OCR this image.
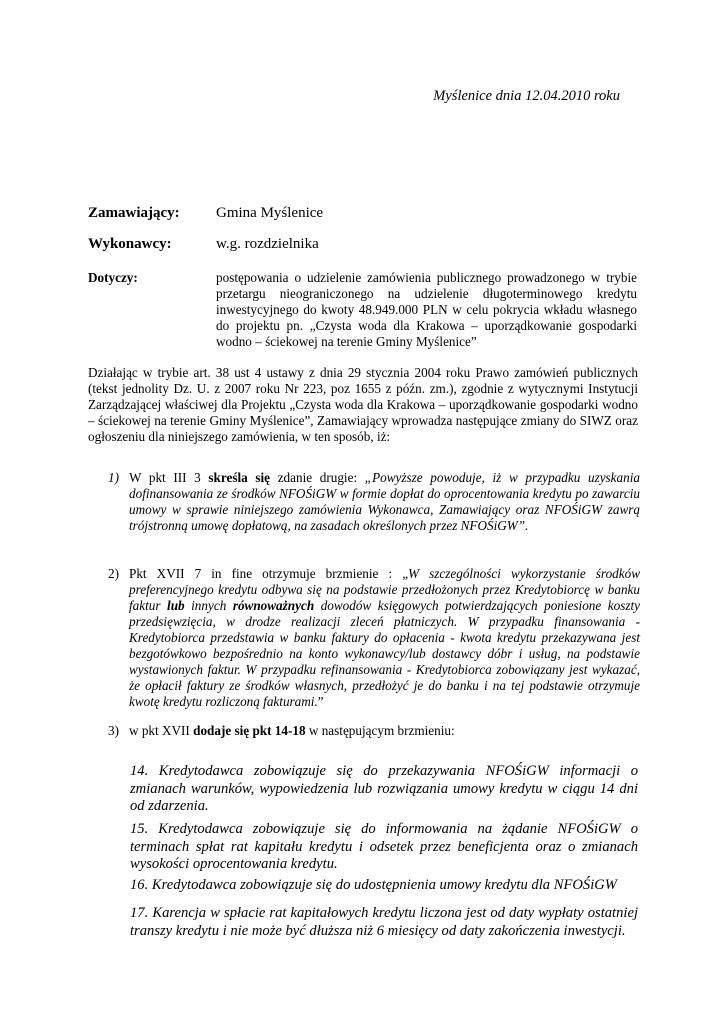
Myślenice dnia 12.04.2010 roku
Zamawiający: Gmina Myślenice
Wykonawcy:	w.g. rozdzielnika
Dotyczy:	postępowania o udzielenie zamówienia publicznego prowadzonego w trybie przetargu nieograniczonego na udzielenie długoterminowego kredytu inwestycyjnego do kwoty 48.949.000 PLN w celu pokrycia wkładu własnego do projektu pn. „Czysta woda dla Krakowa – uporządkowanie gospodarki wodno – ściekowej na terenie Gminy Myślenice”
Działając w trybie art. 38 ust 4 ustawy z dnia 29 stycznia 2004 roku Prawo zamówień publicznych (tekst jednolity Dz. U. z 2007 roku Nr 223, poz 1655 z późn. zm.), zgodnie z wytycznymi Instytucji Zarządzającej właściwej dla Projektu „Czysta woda dla Krakowa – uporządkowanie gospodarki wodno – ściekowej na terenie Gminy Myślenice”, Zamawiający wprowadza następujące zmiany do SIWZ oraz ogłoszeniu dla niniejszego zamówienia, w ten sposób, iż:
1) W pkt III 3 skreśla się zdanie drugie: „Powyższe powoduje, iż w przypadku uzyskania dofinansowania ze środków NFOŚiGW w formie dopłat do oprocentowania kredytu po zawarciu umowy w sprawie niniejszego zamówienia Wykonawca, Zamawiający oraz NFOŚiGW zawrą trójstronną umowę dopłatową, na zasadach określonych przez NFOŚiGW”.
2) Pkt XVII 7 in fine otrzymuje brzmienie : „W szczególności wykorzystanie środków preferencyjnego kredytu odbywa się na podstawie przedłożonych przez Kredytobiorcę w banku faktur lub innych równoważnych dowodów księgowych potwierdzających poniesione koszty przedsięwzięcia, w drodze realizacji zleceń płatniczych. W przypadku finansowania - Kredytobiorca przedstawia w banku faktury do opłacenia - kwota kredytu przekazywana jest bezgotówkowo bezpośrednio na konto wykonawcy/lub dostawcy dóbr i usług, na podstawie wystawionych faktur. W przypadku refinansowania - Kredytobiorca zobowiązany jest wykazać, że opłacił faktury ze środków własnych, przedłożyć je do banku i na tej podstawie otrzymuje kwotę kredytu rozliczoną fakturami.”
3) w pkt XVII dodaje się pkt 14-18 w następującym brzmieniu:
14. Kredytodawca zobowiązuje się do przekazywania NFOŚiGW informacji o zmianach warunków, wypowiedzenia lub rozwiązania umowy kredytu w ciągu 14 dni od zdarzenia.
15. Kredytodawca zobowiązuje się do informowania na żądanie NFOŚiGW o terminach spłat rat kapitału kredytu i odsetek przez beneficjenta oraz o zmianach wysokości oprocentowania kredytu.
16. Kredytodawca zobowiązuje się do udostępnienia umowy kredytu dla NFOŚiGW
17. Karencja w spłacie rat kapitałowych kredytu liczona jest od daty wypłaty ostatniej transzy kredytu i nie może być dłuższa niż 6 miesięcy od daty zakończenia inwestycji.
